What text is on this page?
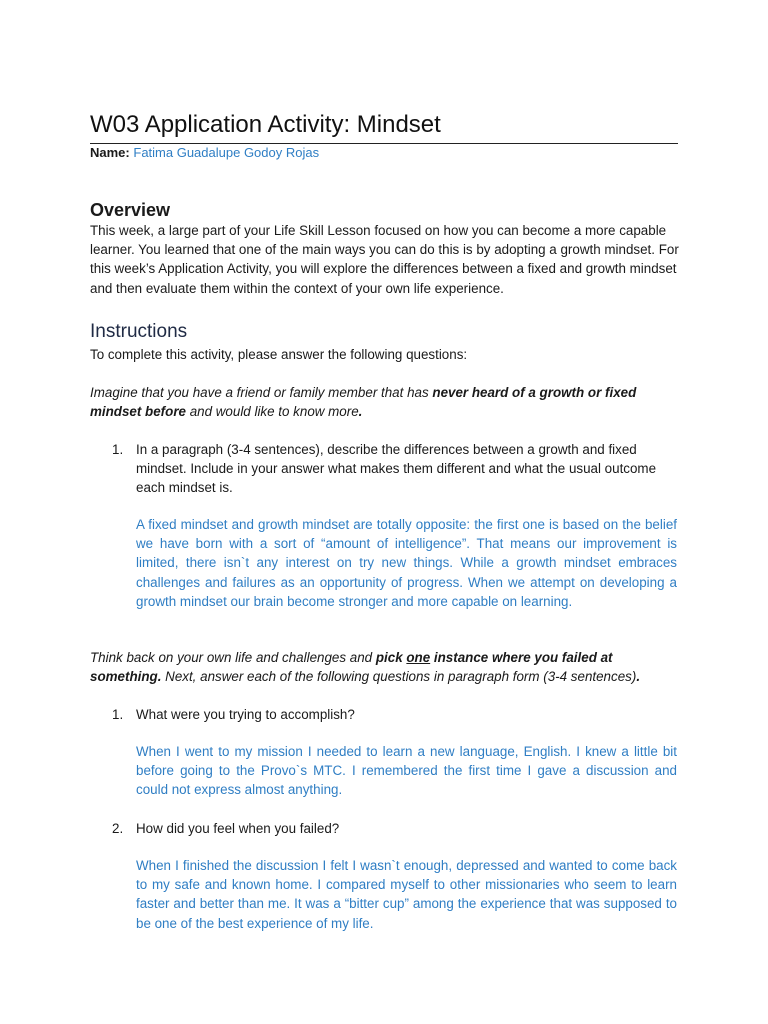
W03 Application Activity: Mindset
Name: Fatima Guadalupe Godoy Rojas
Overview

This week, a large part of your Life Skill Lesson focused on how you can become a more capable learner. You learned that one of the main ways you can do this is by adopting a growth mindset. For this week’s Application Activity, you will explore the differences between a fixed and growth mindset and then evaluate them within the context of your own life experience.

Instructions

To complete this activity, please answer the following questions:

Imagine that you have a friend or family member that has never heard of a growth or fixed mindset before and would like to know more.

1. In a paragraph (3-4 sentences), describe the differences between a growth and fixed mindset. Include in your answer what makes them different and what the usual outcome each mindset is.

A fixed mindset and growth mindset are totally opposite: the first one is based on the belief we have born with a sort of “amount of intelligence”. That means our improvement is limited, there isn`t any interest on try new things. While a growth mindset embraces challenges and failures as an opportunity of progress. When we attempt on developing a growth mindset our brain become stronger and more capable on learning.

Think back on your own life and challenges and pick one instance where you failed at something. Next, answer each of the following questions in paragraph form (3-4 sentences).

1. What were you trying to accomplish?

When I went to my mission I needed to learn a new language, English. I knew a little bit before going to the Provo`s MTC. I remembered the first time I gave a discussion and could not express almost anything.

2. How did you feel when you failed?

When I finished the discussion I felt I wasn`t enough, depressed and wanted to come back to my safe and known home. I compared myself to other missionaries who seem to learn faster and better than me. It was a “bitter cup” among the experience that was supposed to be one of the best experience of my life.
